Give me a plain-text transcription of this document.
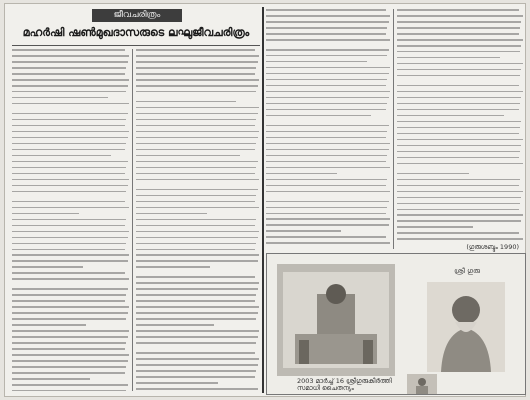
ജീവചരിത്രം
മഹർഷി ഷൺമുഖദാസരുടെ ലഘുജീവചരിത്രം
(ഗുരുശബ്ദം 1990)
2003 മാർച്ച് 16 ശ്രീഗുരുകീർത്തി സമാധി ചൈതന്യം
ശ്രീ ഗുരു
